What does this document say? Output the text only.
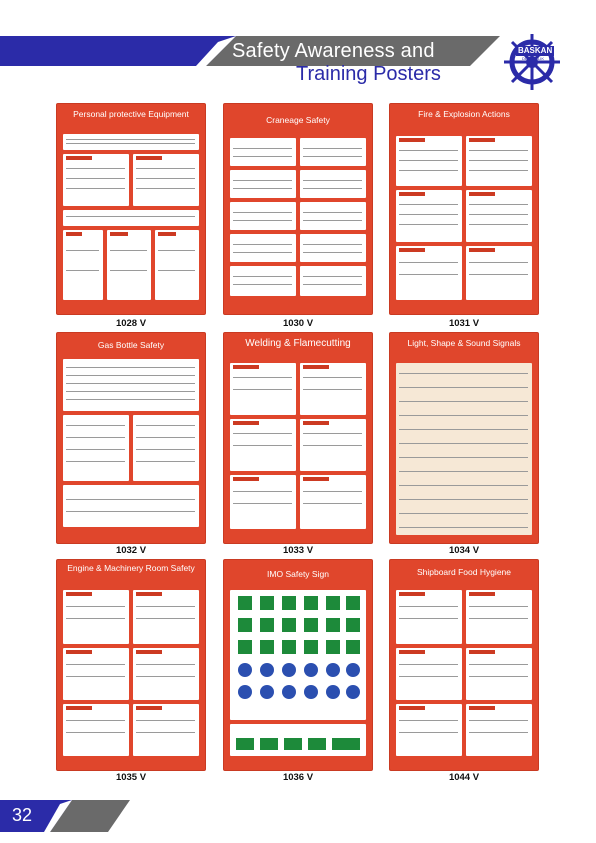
Safety Awareness and
Training Posters
BASKAN
DENİZCİLİK
Personal protective Equipment
1028 V
Craneage Safety
1030 V
Fire & Explosion Actions
1031 V
Gas Bottle Safety
1032 V
Welding & Flamecutting
1033 V
Light, Shape & Sound Signals
1034 V
Engine & Machinery Room Safety
1035 V
IMO Safety Sign
1036 V
Shipboard Food Hygiene
1044 V
32
